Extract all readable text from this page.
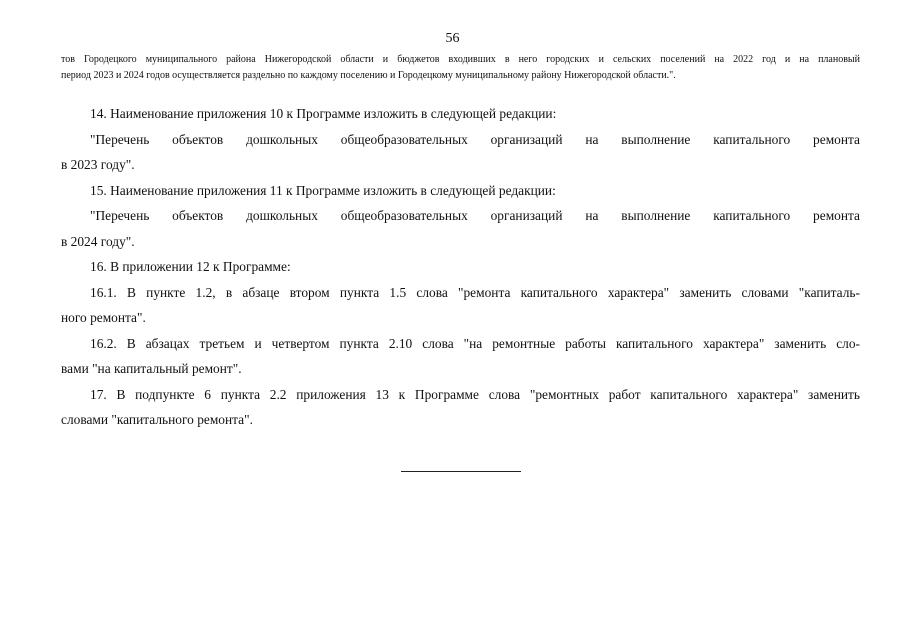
56
тов Городецкого муниципального района Нижегородской области и бюджетов входивших в него городских и сельских поселений на 2022 год и на плановый
период 2023 и 2024 годов осуществляется раздельно по каждому поселению и Городецкому муниципальному району Нижегородской области.".
14. Наименование приложения 10 к Программе изложить в следующей редакции:
"Перечень объектов дошкольных общеобразовательных организаций на выполнение капитального ремонта
в 2023 году".
15. Наименование приложения 11 к Программе изложить в следующей редакции:
"Перечень объектов дошкольных общеобразовательных организаций на выполнение капитального ремонта
в 2024 году".
16. В приложении 12 к Программе:
16.1. В пункте 1.2, в абзаце втором пункта 1.5 слова "ремонта капитального характера" заменить словами "капиталь-
ного ремонта".
16.2. В абзацах третьем и четвертом пункта 2.10 слова "на ремонтные работы капитального характера" заменить сло-
вами "на капитальный ремонт".
17. В подпункте 6 пункта 2.2 приложения 13 к Программе слова "ремонтных работ капитального характера" заменить
словами "капитального ремонта".
